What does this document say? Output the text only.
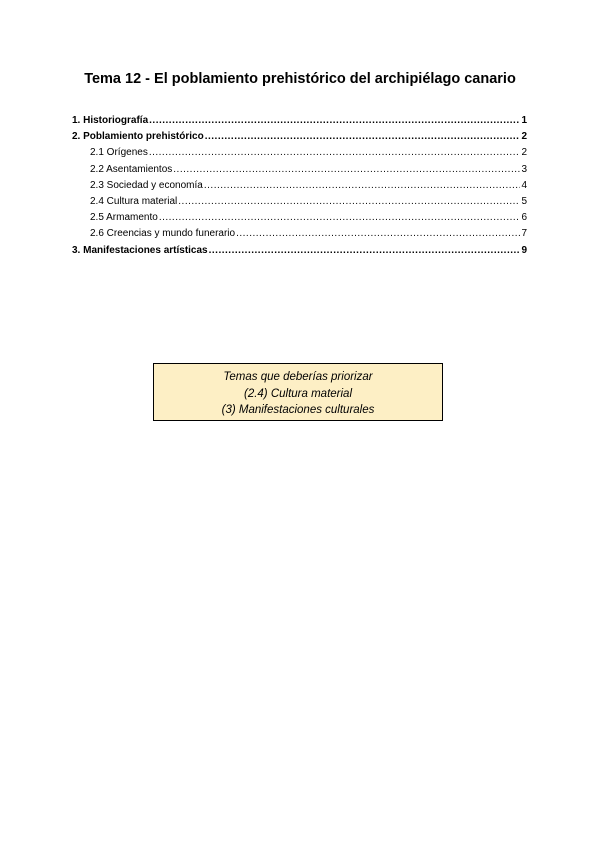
Tema 12 - El poblamiento prehistórico del archipiélago canario
1. Historiografía .....	1
2. Poblamiento prehistórico .....	2
2.1 Orígenes .....	2
2.2 Asentamientos .....	3
2.3 Sociedad y economía .....	4
2.4 Cultura material .....	5
2.5 Armamento .....	6
2.6 Creencias y mundo funerario .....	7
3. Manifestaciones artísticas .....	9
Temas que deberías priorizar
(2.4) Cultura material
(3) Manifestaciones culturales
